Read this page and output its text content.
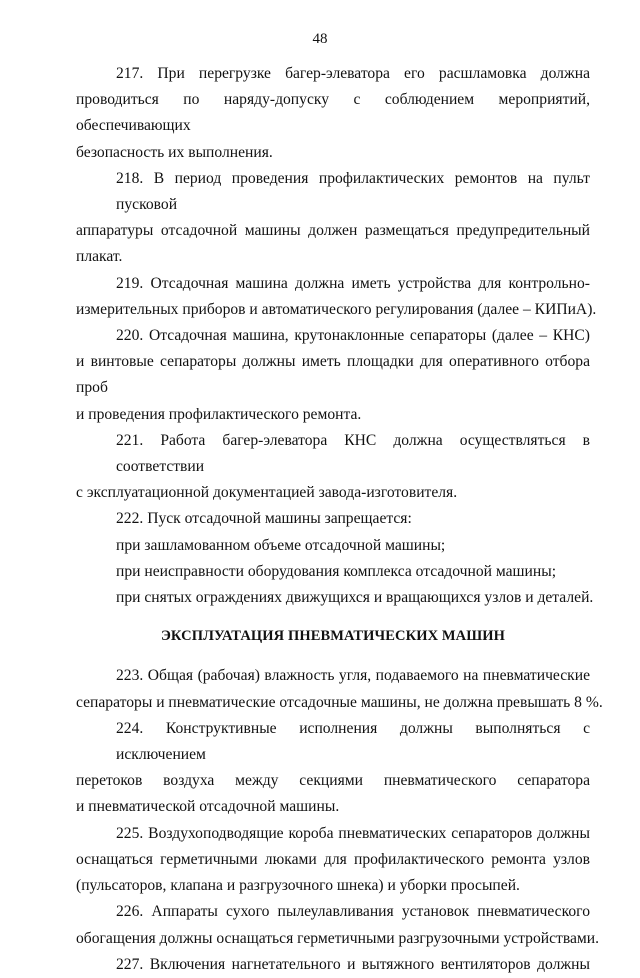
48
217. При перегрузке багер-элеватора его расшламовка должна
проводиться по наряду-допуску с соблюдением мероприятий, обеспечивающих
безопасность их выполнения.
218. В период проведения профилактических ремонтов на пульт пусковой
аппаратуры отсадочной машины должен размещаться предупредительный
плакат.
219. Отсадочная машина должна иметь устройства для контрольно-
измерительных приборов и автоматического регулирования (далее – КИПиА).
220. Отсадочная машина, крутонаклонные сепараторы (далее – КНС)
и винтовые сепараторы должны иметь площадки для оперативного отбора проб
и проведения профилактического ремонта.
221. Работа багер-элеватора КНС должна осуществляться в соответствии
с эксплуатационной документацией завода-изготовителя.
222. Пуск отсадочной машины запрещается:
при зашламованном объеме отсадочной машины;
при неисправности оборудования комплекса отсадочной машины;
при снятых ограждениях движущихся и вращающихся узлов и деталей.
ЭКСПЛУАТАЦИЯ ПНЕВМАТИЧЕСКИХ МАШИН
223. Общая (рабочая) влажность угля, подаваемого на пневматические
сепараторы и пневматические отсадочные машины, не должна превышать 8 %.
224. Конструктивные исполнения должны выполняться с исключением
перетоков воздуха между секциями пневматического сепаратора
и пневматической отсадочной машины.
225. Воздухоподводящие короба пневматических сепараторов должны
оснащаться герметичными люками для профилактического ремонта узлов
(пульсаторов, клапана и разгрузочного шнека) и уборки просыпей.
226. Аппараты сухого пылеулавливания установок пневматического
обогащения должны оснащаться герметичными разгрузочными устройствами.
227. Включения нагнетательного и вытяжного вентиляторов должны
